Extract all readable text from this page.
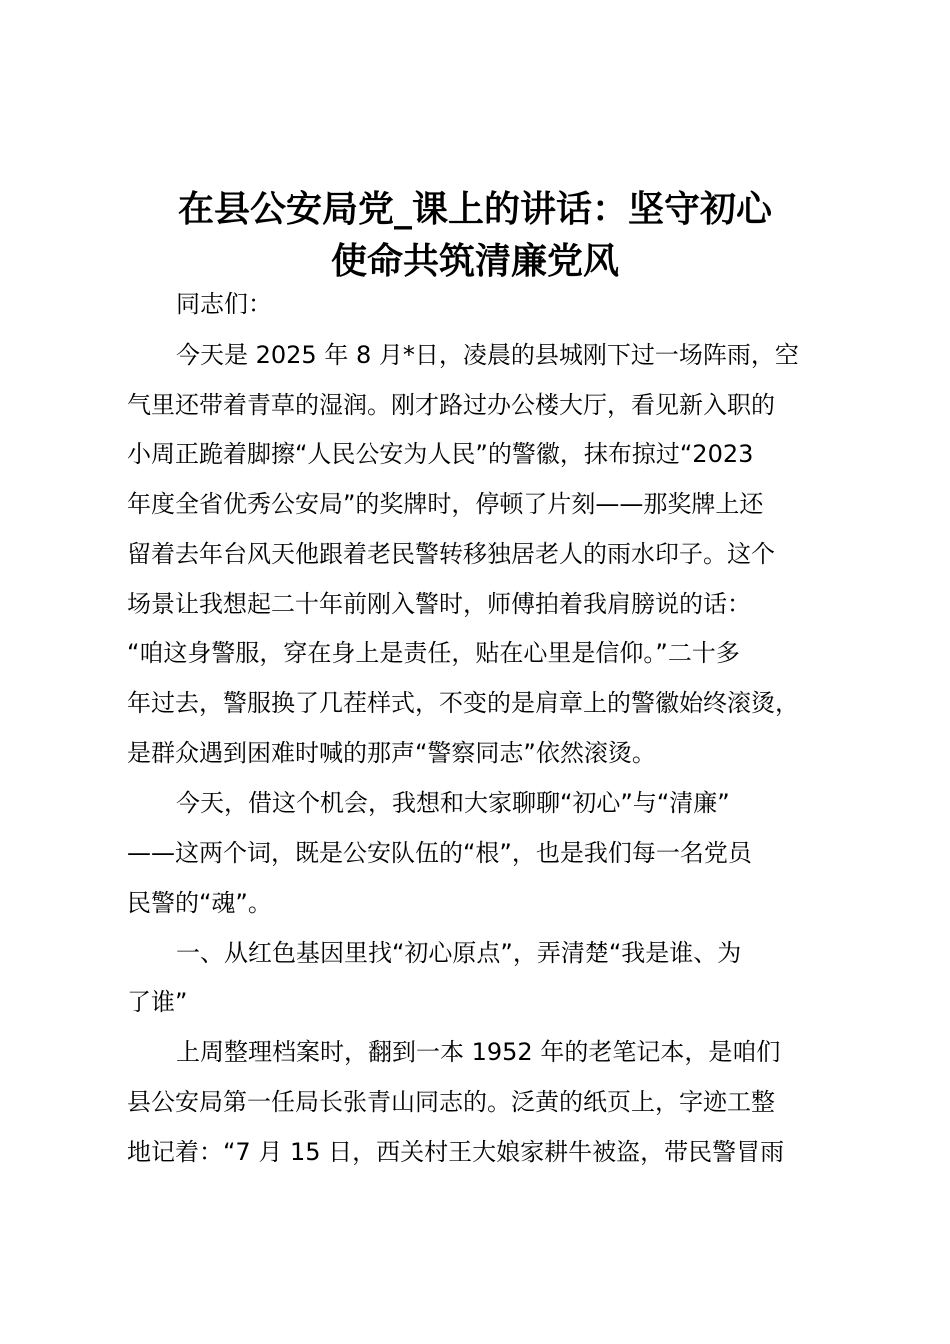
在县公安局党_课上的讲话：坚守初心
使命共筑清廉党风

同志们：

今天是 2025 年 8 月*日，凌晨的县城刚下过一场阵雨，空

气里还带着青草的湿润。刚才路过办公楼大厅，看见新入职的

小周正跪着脚擦“人民公安为人民”的警徽，抹布掠过“2023

年度全省优秀公安局”的奖牌时，停顿了片刻——那奖牌上还

留着去年台风天他跟着老民警转移独居老人的雨水印子。这个

场景让我想起二十年前刚入警时，师傅拍着我肩膀说的话：

“咱这身警服，穿在身上是责任，贴在心里是信仰。”二十多

年过去，警服换了几茬样式，不变的是肩章上的警徽始终滚烫，

是群众遇到困难时喊的那声“警察同志”依然滚烫。

今天，借这个机会，我想和大家聊聊“初心”与“清廉”

——这两个词，既是公安队伍的“根”，也是我们每一名党员

民警的“魂”。

一、从红色基因里找“初心原点”，弄清楚“我是谁、为

了谁”

上周整理档案时，翻到一本 1952 年的老笔记本，是咱们

县公安局第一任局长张青山同志的。泛黄的纸页上，字迹工整

地记着：“7 月 15 日，西关村王大娘家耕牛被盗，带民警冒雨
